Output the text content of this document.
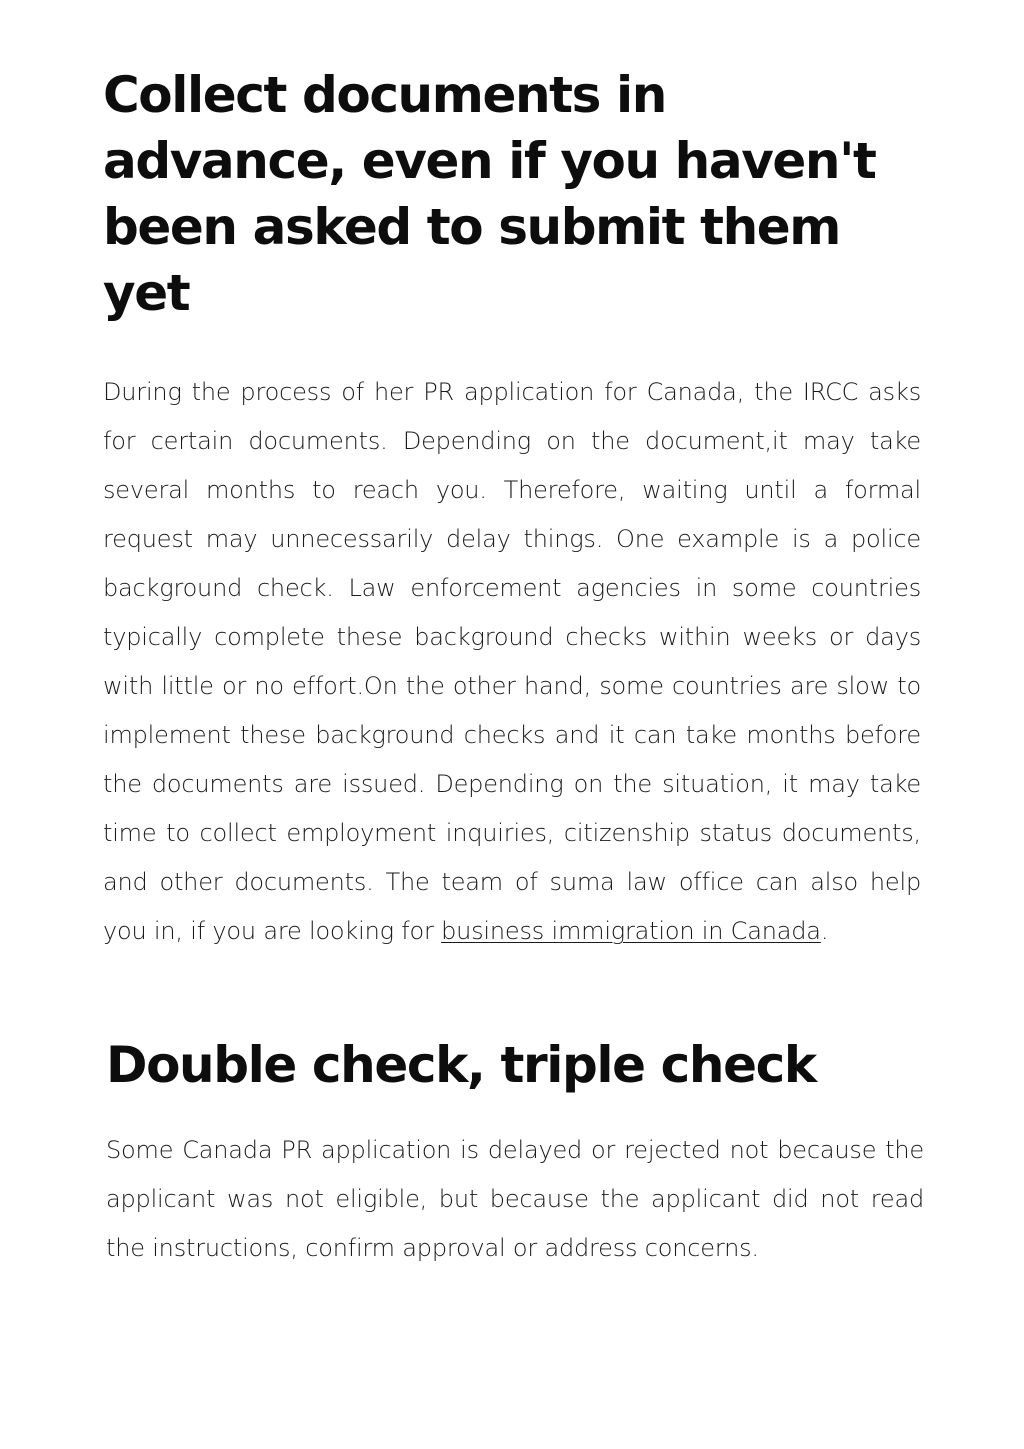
Collect documents in advance, even if you haven't been asked to submit them yet

During the process of her PR application for Canada, the IRCC asks for certain documents. Depending on the document,it may take several months to reach you. Therefore, waiting until a formal request may unnecessarily delay things. One example is a police background check. Law enforcement agencies in some countries typically complete these background checks within weeks or days with little or no effort.On the other hand, some countries are slow to implement these background checks and it can take months before the documents are issued. Depending on the situation, it may take time to collect employment inquiries, citizenship status documents, and other documents. The team of suma law office can also help you in, if you are looking for business immigration in Canada.

Double check, triple check

Some Canada PR application is delayed or rejected not because the applicant was not eligible, but because the applicant did not read the instructions, confirm approval or address concerns.
